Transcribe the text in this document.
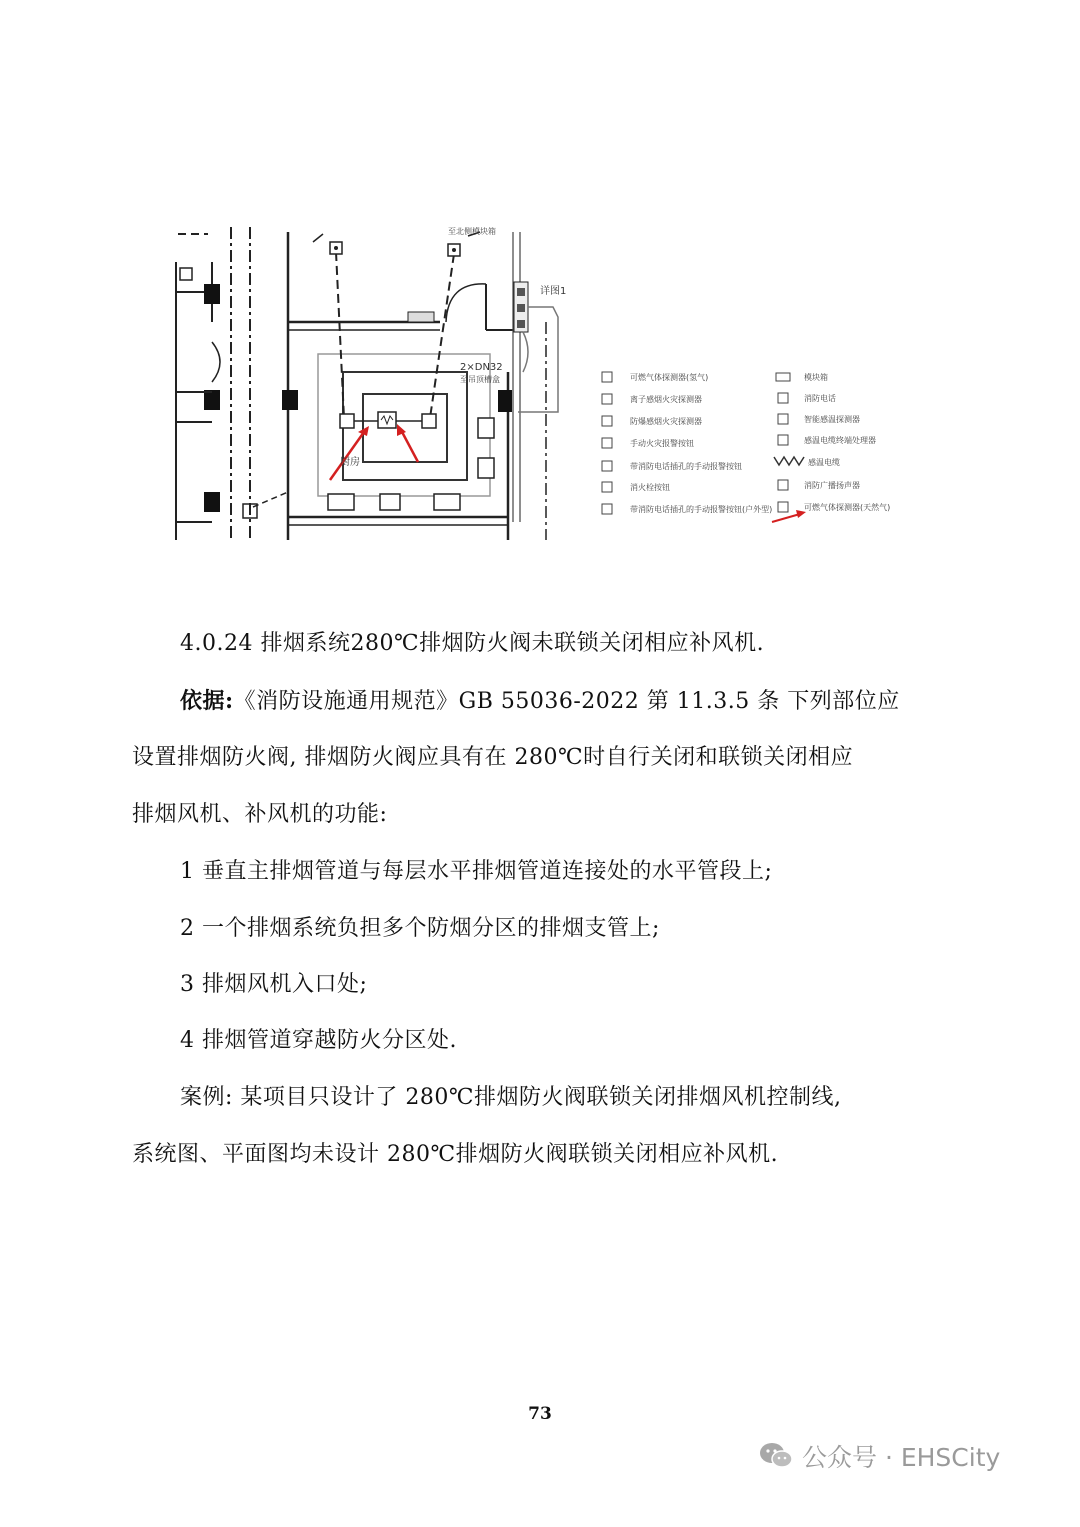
至北侧模块箱
厨房
2×DN32
至吊顶槽盒
详图1
可燃气体探测器(氢气)
离子感烟火灾探测器
防爆感烟火灾探测器
手动火灾报警按钮
带消防电话插孔的手动报警按钮
消火栓按钮
带消防电话插孔的手动报警按钮(户外型)
模块箱
消防电话
智能感温探测器
感温电缆终端处理器
感温电缆
消防广播扬声器
可燃气体探测器(天然气)
4.0.24 排烟系统280℃排烟防火阀未联锁关闭相应补风机.
依据:《消防设施通用规范》GB 55036-2022 第 11.3.5 条 下列部位应
设置排烟防火阀, 排烟防火阀应具有在 280℃时自行关闭和联锁关闭相应
排烟风机、补风机的功能:
1 垂直主排烟管道与每层水平排烟管道连接处的水平管段上;
2 一个排烟系统负担多个防烟分区的排烟支管上;
3 排烟风机入口处;
4 排烟管道穿越防火分区处.
案例: 某项目只设计了 280℃排烟防火阀联锁关闭排烟风机控制线,
系统图、平面图均未设计 280℃排烟防火阀联锁关闭相应补风机.
73
公众号 · EHSCity
